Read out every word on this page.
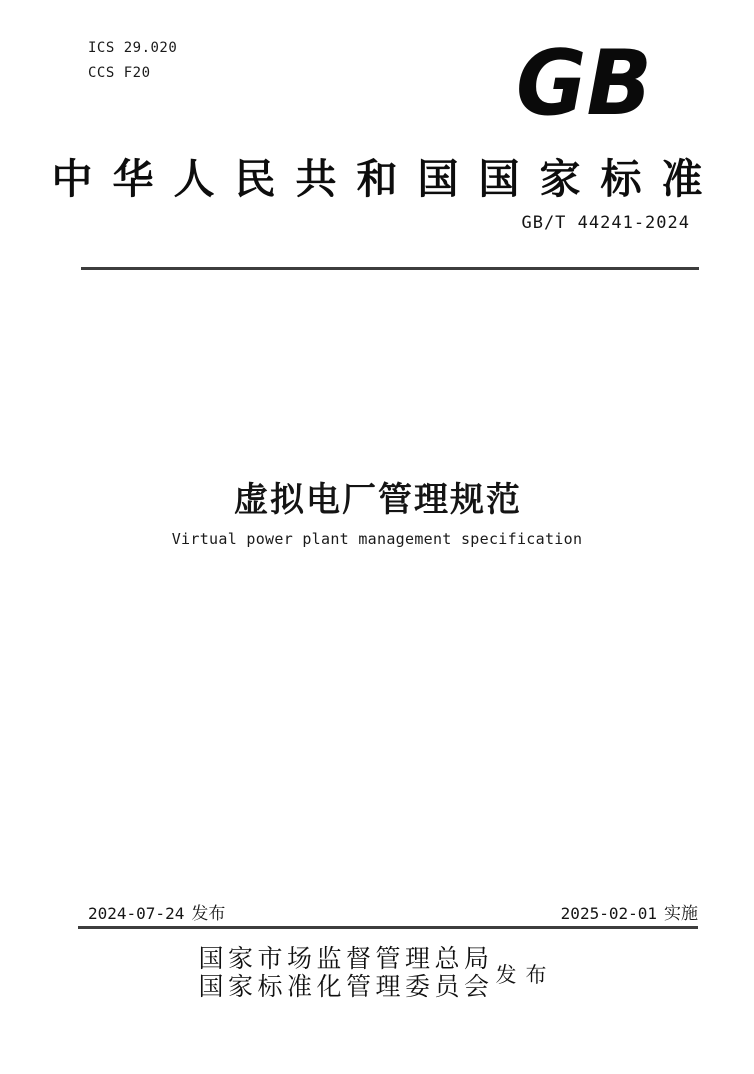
ICS 29.020
CCS F20	GB
中华人民共和国国家标准
GB/T 44241-2024
虚拟电厂管理规范
Virtual power plant management specification
2024-07-24 发布	2025-02-01 实施
国家市场监督管理总局
国家标准化管理委员会 发布
